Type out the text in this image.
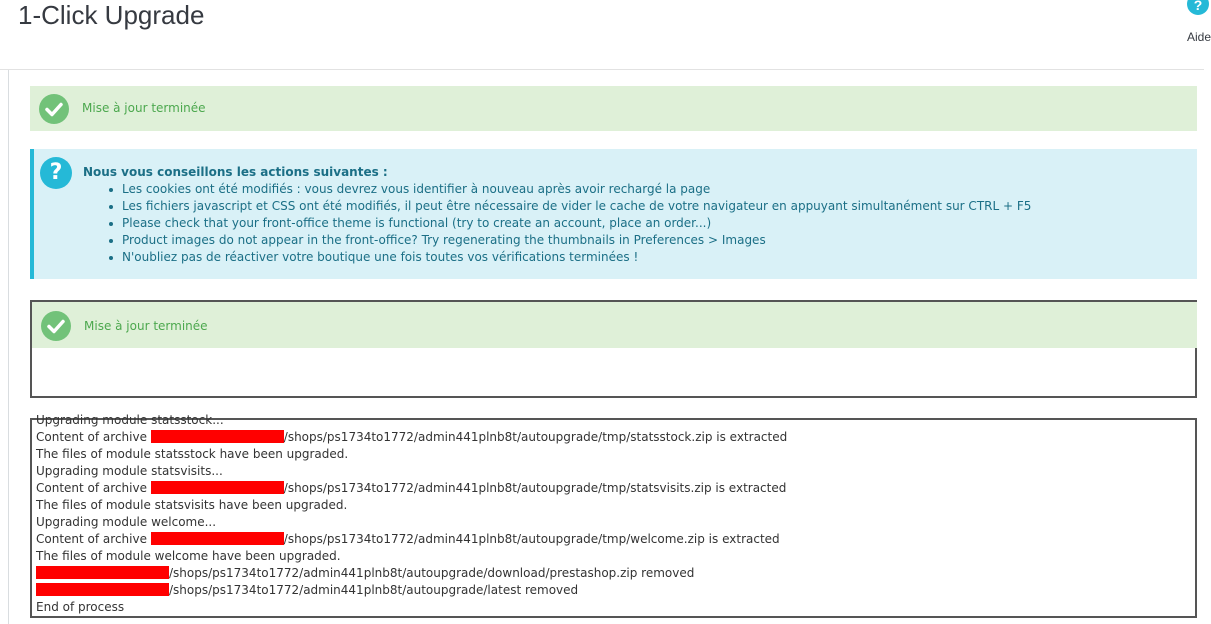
1-Click Upgrade	?
Aide
Mise à jour terminée
?	Nous vous conseillons les actions suivantes :
Les cookies ont été modifiés : vous devrez vous identifier à nouveau après avoir rechargé la page
Les fichiers javascript et CSS ont été modifiés, il peut être nécessaire de vider le cache de votre navigateur en appuyant simultanément sur CTRL + F5
Please check that your front-office theme is functional (try to create an account, place an order...)
Product images do not appear in the front-office? Try regenerating the thumbnails in Preferences > Images
N'oubliez pas de réactiver votre boutique une fois toutes vos vérifications terminées !
Mise à jour terminée
Upgrading module statsstock...
Content of archive	/shops/ps1734to1772/admin441plnb8t/autoupgrade/tmp/statsstock.zip is extracted
The files of module statsstock have been upgraded.
Upgrading module statsvisits...
Content of archive	/shops/ps1734to1772/admin441plnb8t/autoupgrade/tmp/statsvisits.zip is extracted
The files of module statsvisits have been upgraded.
Upgrading module welcome...
Content of archive	/shops/ps1734to1772/admin441plnb8t/autoupgrade/tmp/welcome.zip is extracted
The files of module welcome have been upgraded.
/shops/ps1734to1772/admin441plnb8t/autoupgrade/download/prestashop.zip removed
/shops/ps1734to1772/admin441plnb8t/autoupgrade/latest removed
End of process
